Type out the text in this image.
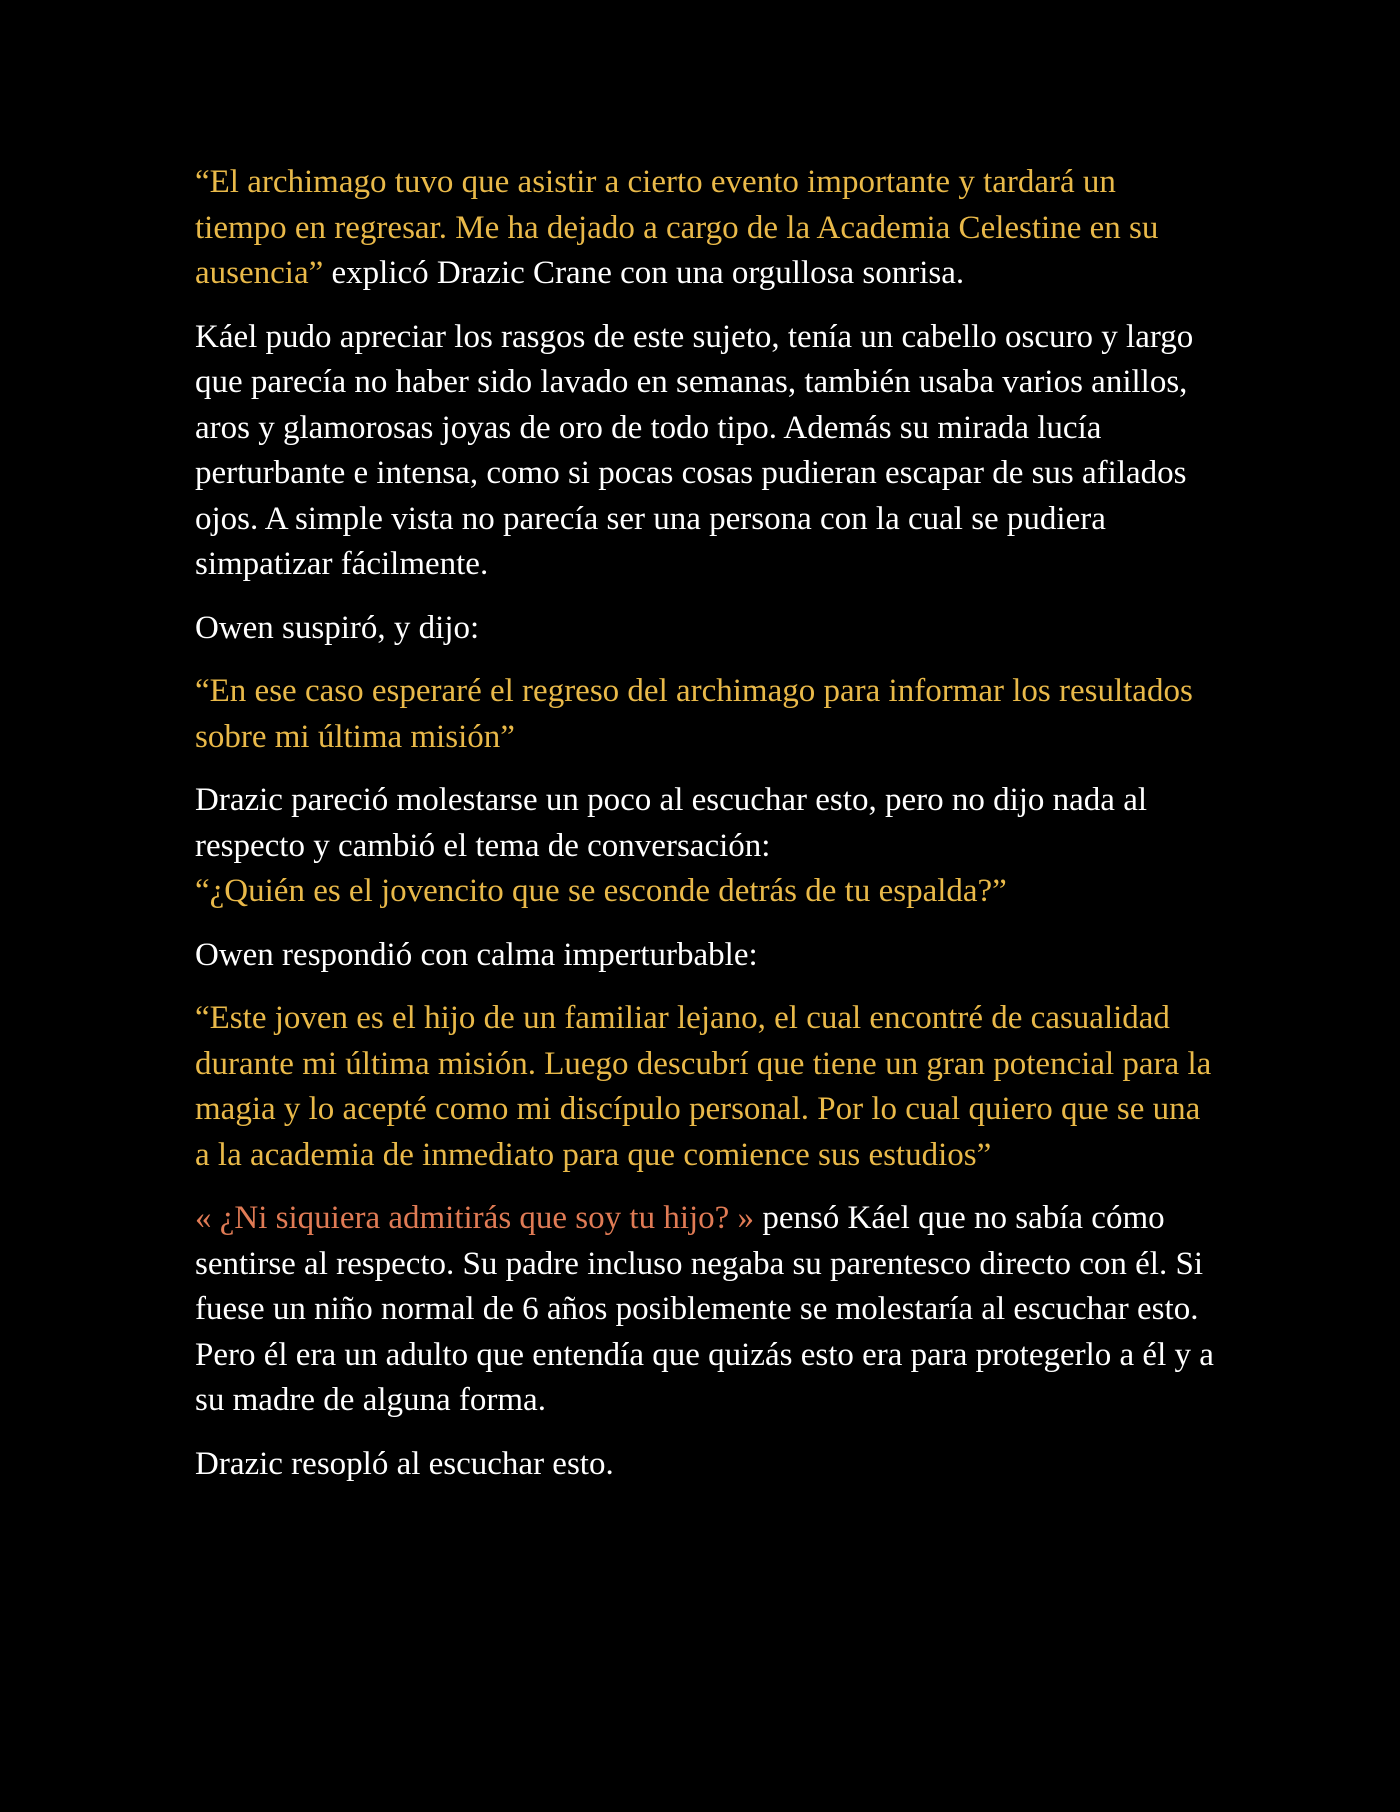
“El archimago tuvo que asistir a cierto evento importante y tardará un tiempo en regresar. Me ha dejado a cargo de la Academia Celestine en su ausencia” explicó Drazic Crane con una orgullosa sonrisa.

Káel pudo apreciar los rasgos de este sujeto, tenía un cabello oscuro y largo que parecía no haber sido lavado en semanas, también usaba varios anillos, aros y glamorosas joyas de oro de todo tipo. Además su mirada lucía perturbante e intensa, como si pocas cosas pudieran escapar de sus afilados ojos. A simple vista no parecía ser una persona con la cual se pudiera simpatizar fácilmente.

Owen suspiró, y dijo:

“En ese caso esperaré el regreso del archimago para informar los resultados sobre mi última misión”

Drazic pareció molestarse un poco al escuchar esto, pero no dijo nada al respecto y cambió el tema de conversación:
“¿Quién es el jovencito que se esconde detrás de tu espalda?”

Owen respondió con calma imperturbable:

“Este joven es el hijo de un familiar lejano, el cual encontré de casualidad durante mi última misión. Luego descubrí que tiene un gran potencial para la magia y lo acepté como mi discípulo personal. Por lo cual quiero que se una a la academia de inmediato para que comience sus estudios”

« ¿Ni siquiera admitirás que soy tu hijo? » pensó Káel que no sabía cómo sentirse al respecto. Su padre incluso negaba su parentesco directo con él. Si fuese un niño normal de 6 años posiblemente se molestaría al escuchar esto. Pero él era un adulto que entendía que quizás esto era para protegerlo a él y a su madre de alguna forma.

Drazic resopló al escuchar esto.
